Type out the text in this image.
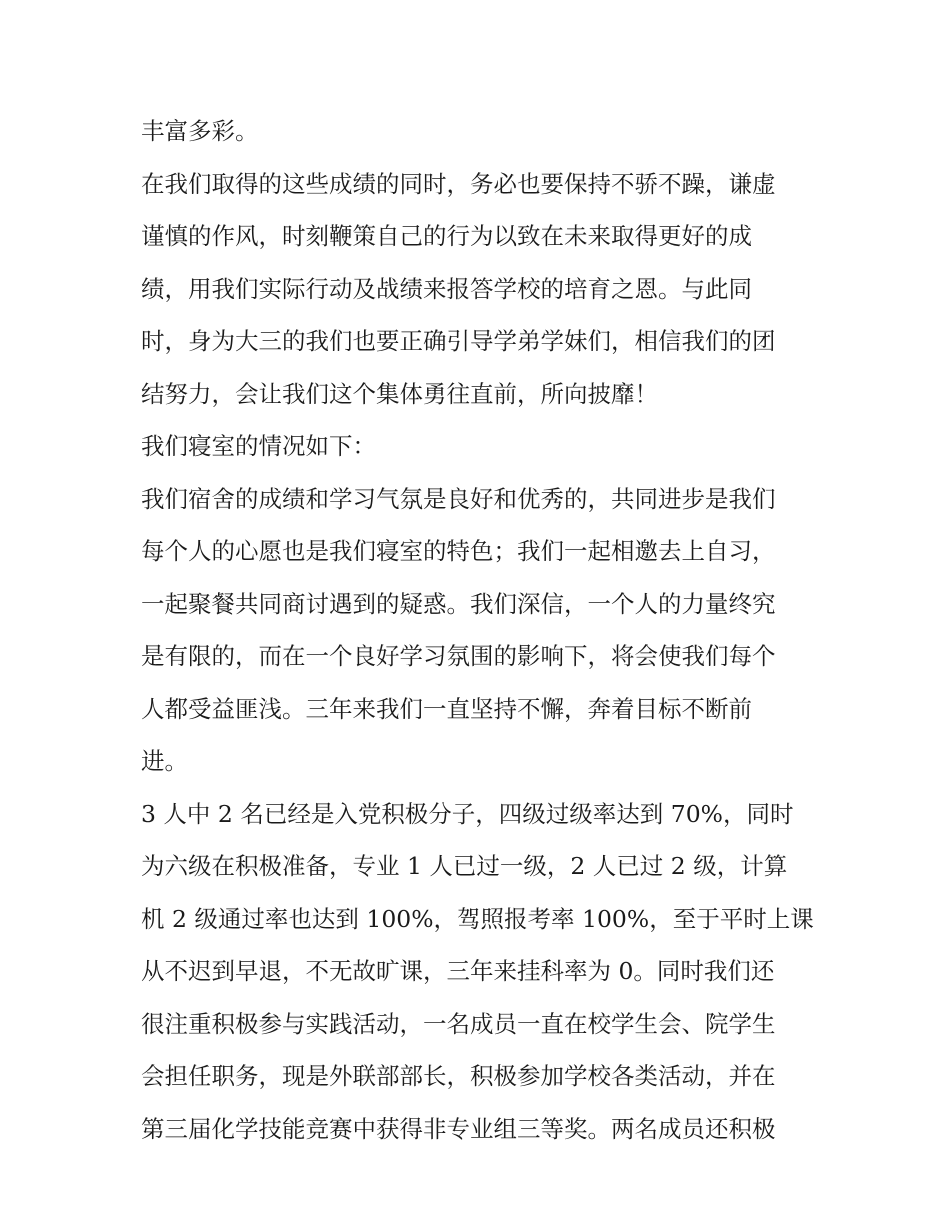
丰富多彩。
在我们取得的这些成绩的同时，务必也要保持不骄不躁，谦虚
谨慎的作风，时刻鞭策自己的行为以致在未来取得更好的成
绩，用我们实际行动及战绩来报答学校的培育之恩。与此同
时，身为大三的我们也要正确引导学弟学妹们，相信我们的团
结努力，会让我们这个集体勇往直前，所向披靡！
我们寝室的情况如下：
我们宿舍的成绩和学习气氛是良好和优秀的，共同进步是我们
每个人的心愿也是我们寝室的特色；我们一起相邀去上自习，
一起聚餐共同商讨遇到的疑惑。我们深信，一个人的力量终究
是有限的，而在一个良好学习氛围的影响下，将会使我们每个
人都受益匪浅。三年来我们一直坚持不懈，奔着目标不断前
进。
3 人中 2 名已经是入党积极分子，四级过级率达到 70%，同时
为六级在积极准备，专业 1 人已过一级，2 人已过 2 级，计算
机 2 级通过率也达到 100%，驾照报考率 100%，至于平时上课
从不迟到早退，不无故旷课，三年来挂科率为 0。同时我们还
很注重积极参与实践活动，一名成员一直在校学生会、院学生
会担任职务，现是外联部部长，积极参加学校各类活动，并在
第三届化学技能竞赛中获得非专业组三等奖。两名成员还积极
